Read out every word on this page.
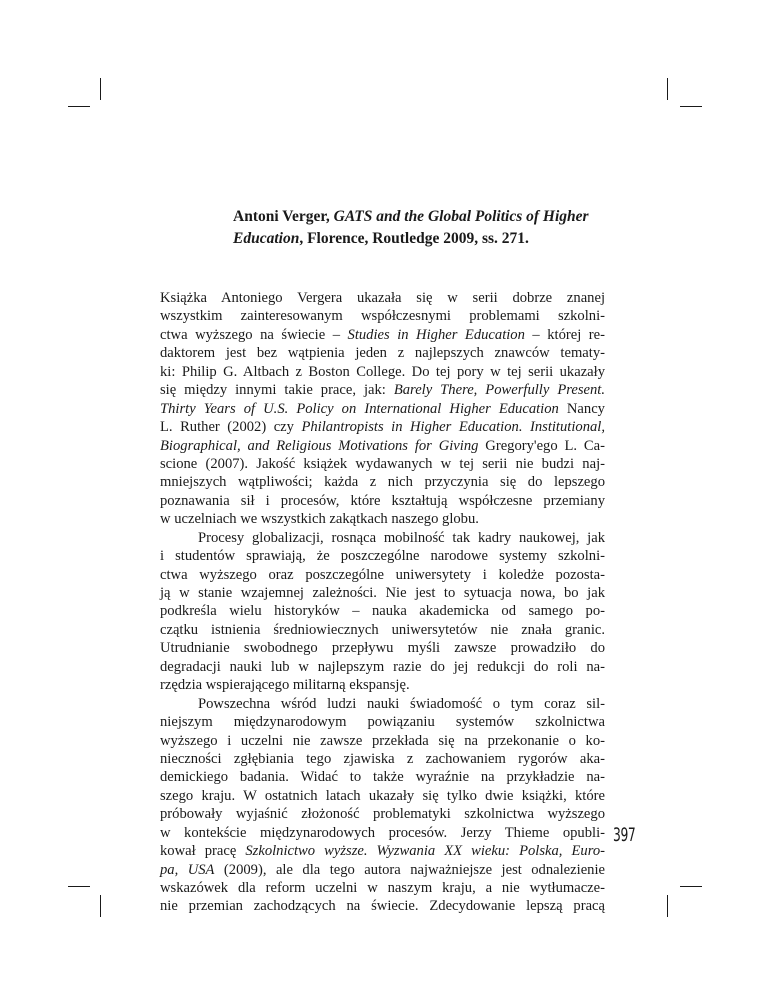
Antoni Verger, GATS and the Global Politics of Higher
Education, Florence, Routledge 2009, ss. 271.
Książka Antoniego Vergera ukazała się w serii dobrze znanej
wszystkim zainteresowanym współczesnymi problemami szkolni-
ctwa wyższego na świecie – Studies in Higher Education – której re-
daktorem jest bez wątpienia jeden z najlepszych znawców tematy-
ki: Philip G. Altbach z Boston College. Do tej pory w tej serii ukazały
się między innymi takie prace, jak: Barely There, Powerfully Present.
Thirty Years of U.S. Policy on International Higher Education Nancy
L. Ruther (2002) czy Philantropists in Higher Education. Institutional,
Biographical, and Religious Motivations for Giving Gregory'ego L. Ca-
scione (2007). Jakość książek wydawanych w tej serii nie budzi naj-
mniejszych wątpliwości; każda z nich przyczynia się do lepszego
poznawania sił i procesów, które kształtują współczesne przemiany
w uczelniach we wszystkich zakątkach naszego globu.
Procesy globalizacji, rosnąca mobilność tak kadry naukowej, jak
i studentów sprawiają, że poszczególne narodowe systemy szkolni-
ctwa wyższego oraz poszczególne uniwersytety i koledże pozosta-
ją w stanie wzajemnej zależności. Nie jest to sytuacja nowa, bo jak
podkreśla wielu historyków – nauka akademicka od samego po-
czątku istnienia średniowiecznych uniwersytetów nie znała granic.
Utrudnianie swobodnego przepływu myśli zawsze prowadziło do
degradacji nauki lub w najlepszym razie do jej redukcji do roli na-
rzędzia wspierającego militarną ekspansję.
Powszechna wśród ludzi nauki świadomość o tym coraz sil-
niejszym międzynarodowym powiązaniu systemów szkolnictwa
wyższego i uczelni nie zawsze przekłada się na przekonanie o ko-
nieczności zgłębiania tego zjawiska z zachowaniem rygorów aka-
demickiego badania. Widać to także wyraźnie na przykładzie na-
szego kraju. W ostatnich latach ukazały się tylko dwie książki, które
próbowały wyjaśnić złożoność problematyki szkolnictwa wyższego
w kontekście międzynarodowych procesów. Jerzy Thieme opubli-
kował pracę Szkolnictwo wyższe. Wyzwania XX wieku: Polska, Euro-
pa, USA (2009), ale dla tego autora najważniejsze jest odnalezienie
wskazówek dla reform uczelni w naszym kraju, a nie wytłumacze-
nie przemian zachodzących na świecie. Zdecydowanie lepszą pracą
397
